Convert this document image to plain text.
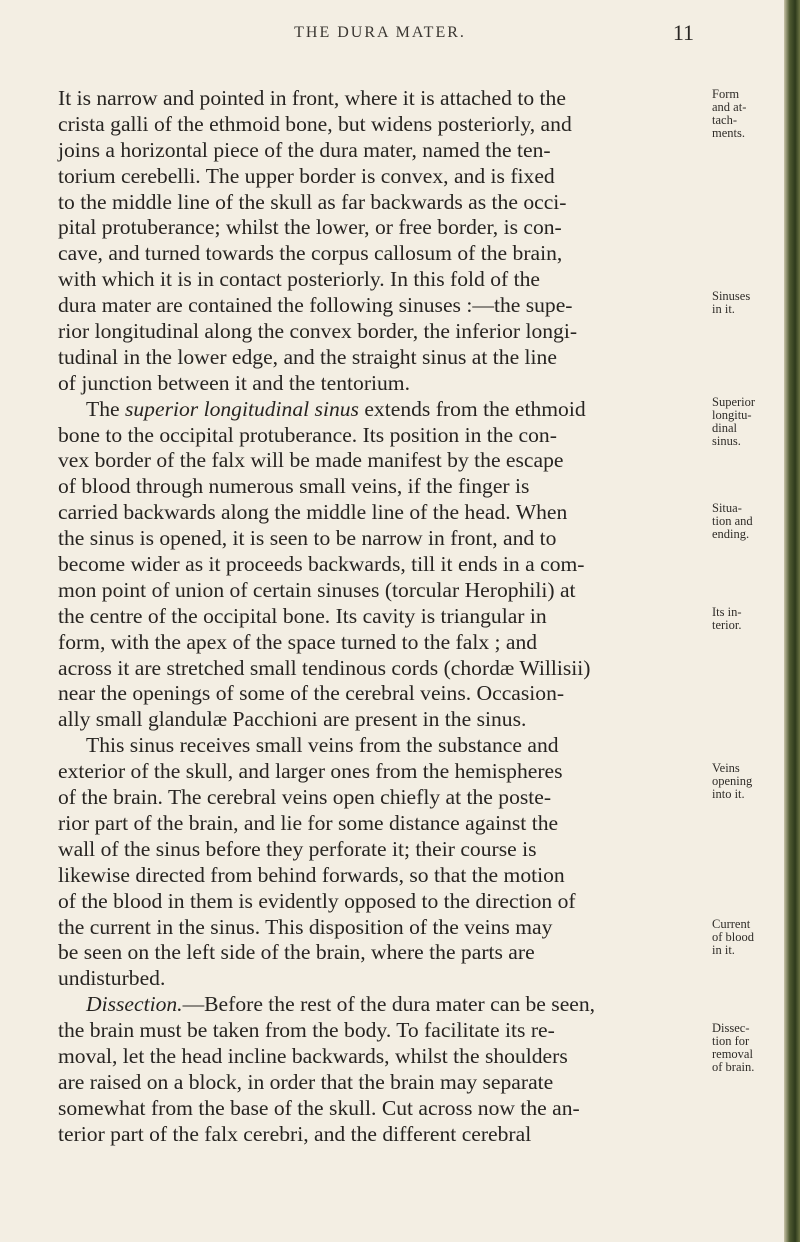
THE DURA MATER.	11
It is narrow and pointed in front, where it is attached to the
crista galli of the ethmoid bone, but widens posteriorly, and
joins a horizontal piece of the dura mater, named the ten-
torium cerebelli. The upper border is convex, and is fixed
to the middle line of the skull as far backwards as the occi-
pital protuberance; whilst the lower, or free border, is con-
cave, and turned towards the corpus callosum of the brain,
with which it is in contact posteriorly. In this fold of the
dura mater are contained the following sinuses :—the supe-
rior longitudinal along the convex border, the inferior longi-
tudinal in the lower edge, and the straight sinus at the line
of junction between it and the tentorium.
The superior longitudinal sinus extends from the ethmoid
bone to the occipital protuberance. Its position in the con-
vex border of the falx will be made manifest by the escape
of blood through numerous small veins, if the finger is
carried backwards along the middle line of the head. When
the sinus is opened, it is seen to be narrow in front, and to
become wider as it proceeds backwards, till it ends in a com-
mon point of union of certain sinuses (torcular Herophili) at
the centre of the occipital bone. Its cavity is triangular in
form, with the apex of the space turned to the falx ; and
across it are stretched small tendinous cords (chordæ Willisii)
near the openings of some of the cerebral veins. Occasion-
ally small glandulæ Pacchioni are present in the sinus.
This sinus receives small veins from the substance and
exterior of the skull, and larger ones from the hemispheres
of the brain. The cerebral veins open chiefly at the poste-
rior part of the brain, and lie for some distance against the
wall of the sinus before they perforate it; their course is
likewise directed from behind forwards, so that the motion
of the blood in them is evidently opposed to the direction of
the current in the sinus. This disposition of the veins may
be seen on the left side of the brain, where the parts are
undisturbed.
Dissection.—Before the rest of the dura mater can be seen,
the brain must be taken from the body. To facilitate its re-
moval, let the head incline backwards, whilst the shoulders
are raised on a block, in order that the brain may separate
somewhat from the base of the skull. Cut across now the an-
terior part of the falx cerebri, and the different cerebral
Form
and at-
tach-
ments.
Sinuses
in it.
Superior
longitu-
dinal
sinus.
Situa-
tion and
ending.
Its in-
terior.
Veins
opening
into it.
Current
of blood
in it.
Dissec-
tion for
removal
of brain.
